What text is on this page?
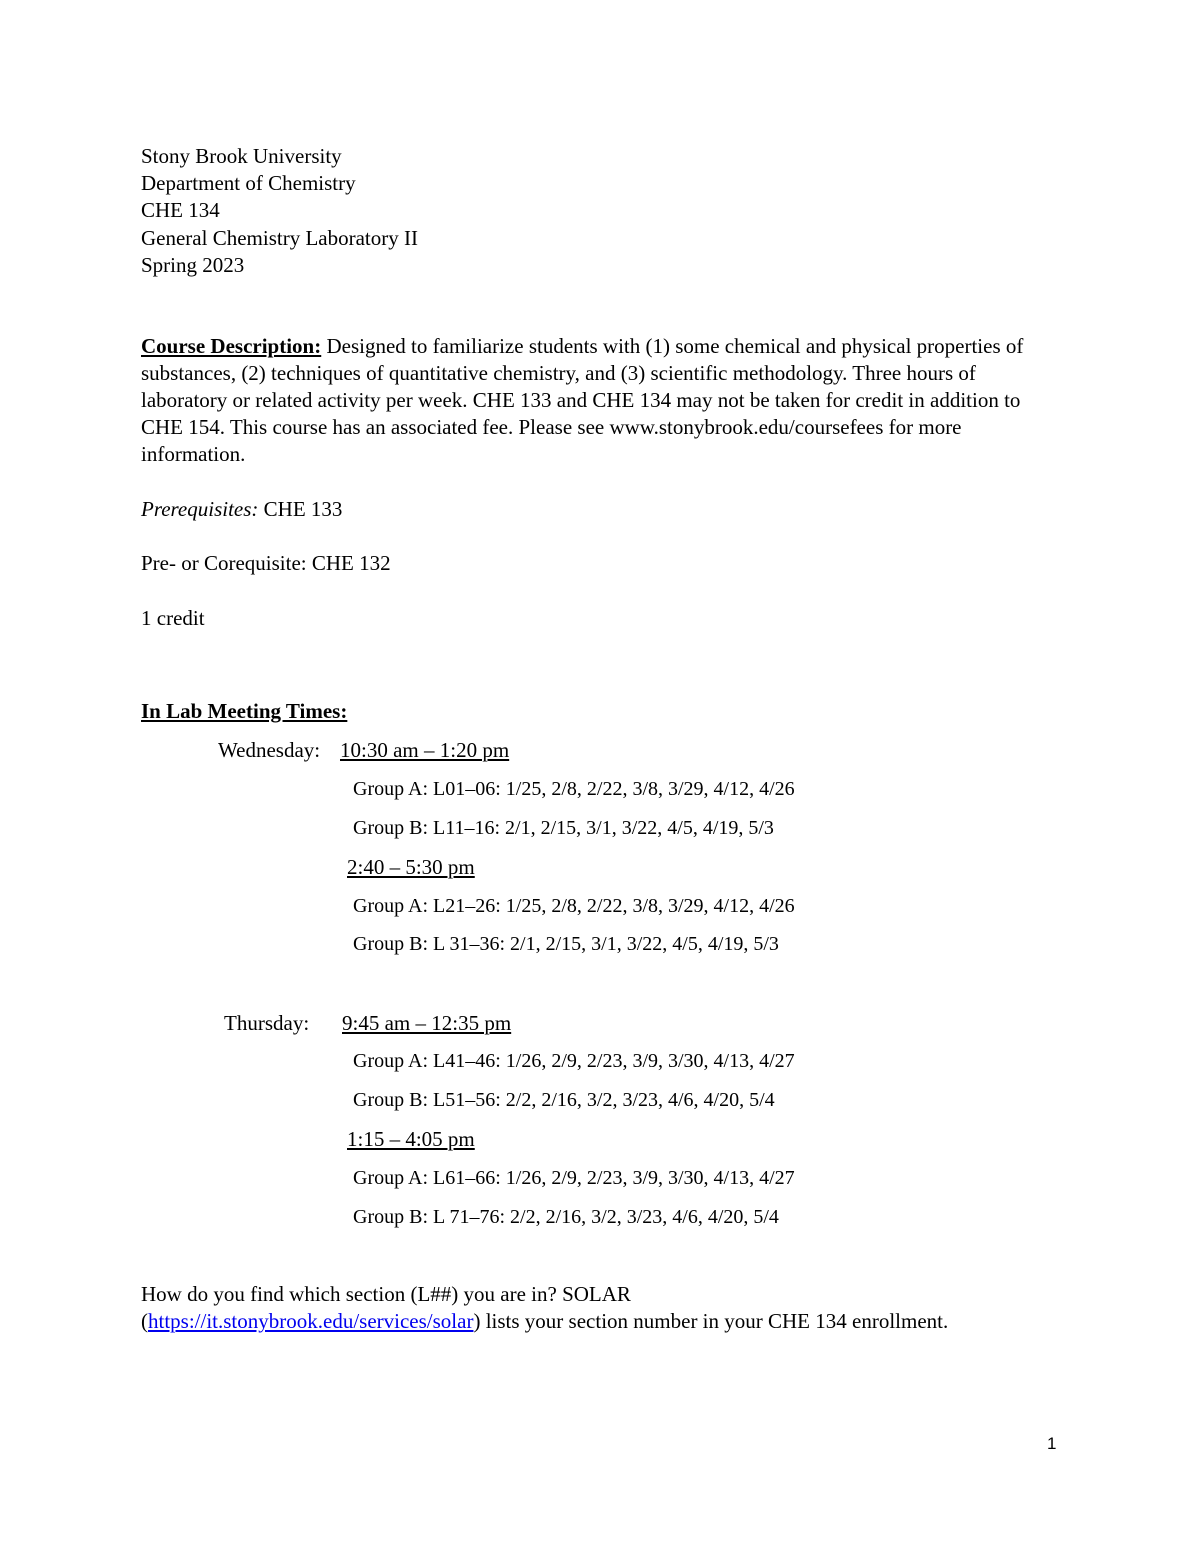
Stony Brook University
Department of Chemistry
CHE 134
General Chemistry Laboratory II
Spring 2023
Course Description: Designed to familiarize students with (1) some chemical and physical properties of substances, (2) techniques of quantitative chemistry, and (3) scientific methodology. Three hours of laboratory or related activity per week. CHE 133 and CHE 134 may not be taken for credit in addition to CHE 154. This course has an associated fee. Please see www.stonybrook.edu/coursefees for more information.
Prerequisites: CHE 133
Pre- or Corequisite: CHE 132
1 credit
In Lab Meeting Times:
Wednesday: 10:30 am – 1:20 pm
Group A: L01–06: 1/25, 2/8, 2/22, 3/8, 3/29, 4/12, 4/26
Group B: L11–16: 2/1, 2/15, 3/1, 3/22, 4/5, 4/19, 5/3
2:40 – 5:30 pm
Group A: L21–26: 1/25, 2/8, 2/22, 3/8, 3/29, 4/12, 4/26
Group B: L 31–36: 2/1, 2/15, 3/1, 3/22, 4/5, 4/19, 5/3
Thursday: 9:45 am – 12:35 pm
Group A: L41–46: 1/26, 2/9, 2/23, 3/9, 3/30, 4/13, 4/27
Group B: L51–56: 2/2, 2/16, 3/2, 3/23, 4/6, 4/20, 5/4
1:15 – 4:05 pm
Group A: L61–66: 1/26, 2/9, 2/23, 3/9, 3/30, 4/13, 4/27
Group B: L 71–76: 2/2, 2/16, 3/2, 3/23, 4/6, 4/20, 5/4
How do you find which section (L##) you are in? SOLAR
(https://it.stonybrook.edu/services/solar) lists your section number in your CHE 134 enrollment.
1
